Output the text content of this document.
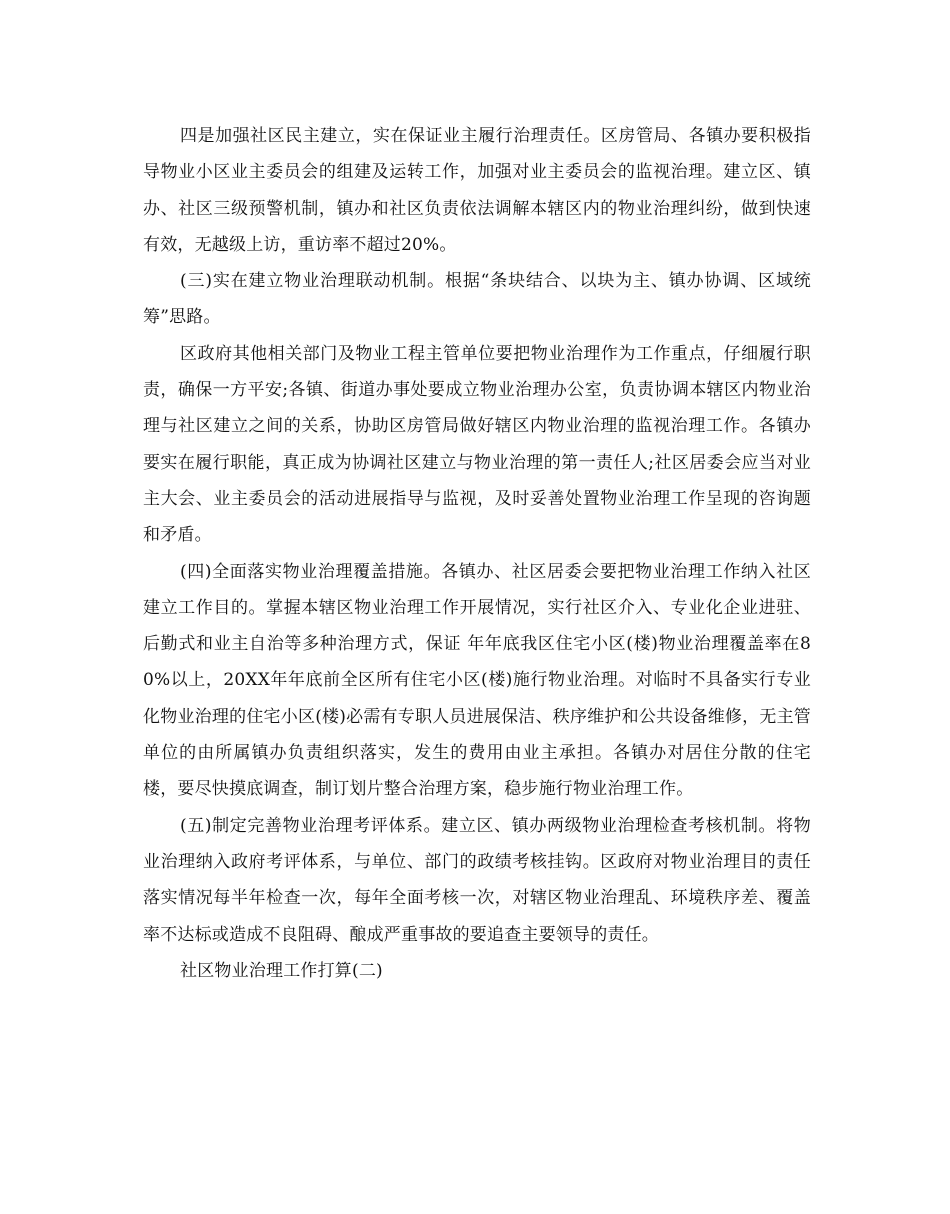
四是加强社区民主建立，实在保证业主履行治理责任。区房管局、各镇办要积极指导物业小区业主委员会的组建及运转工作，加强对业主委员会的监视治理。建立区、镇办、社区三级预警机制，镇办和社区负责依法调解本辖区内的物业治理纠纷，做到快速有效，无越级上访，重访率不超过20%。

(三)实在建立物业治理联动机制。根据“条块结合、以块为主、镇办协调、区域统筹”思路。

区政府其他相关部门及物业工程主管单位要把物业治理作为工作重点，仔细履行职责，确保一方平安;各镇、街道办事处要成立物业治理办公室，负责协调本辖区内物业治理与社区建立之间的关系，协助区房管局做好辖区内物业治理的监视治理工作。各镇办要实在履行职能，真正成为协调社区建立与物业治理的第一责任人;社区居委会应当对业主大会、业主委员会的活动进展指导与监视，及时妥善处置物业治理工作呈现的咨询题和矛盾。

(四)全面落实物业治理覆盖措施。各镇办、社区居委会要把物业治理工作纳入社区建立工作目的。掌握本辖区物业治理工作开展情况，实行社区介入、专业化企业进驻、后勤式和业主自治等多种治理方式，保证 年年底我区住宅小区(楼)物业治理覆盖率在80%以上，20XX年年底前全区所有住宅小区(楼)施行物业治理。对临时不具备实行专业化物业治理的住宅小区(楼)必需有专职人员进展保洁、秩序维护和公共设备维修，无主管单位的由所属镇办负责组织落实，发生的费用由业主承担。各镇办对居住分散的住宅楼，要尽快摸底调查，制订划片整合治理方案，稳步施行物业治理工作。

(五)制定完善物业治理考评体系。建立区、镇办两级物业治理检查考核机制。将物业治理纳入政府考评体系，与单位、部门的政绩考核挂钩。区政府对物业治理目的责任落实情况每半年检查一次，每年全面考核一次，对辖区物业治理乱、环境秩序差、覆盖率不达标或造成不良阻碍、酿成严重事故的要追查主要领导的责任。

社区物业治理工作打算(二)
